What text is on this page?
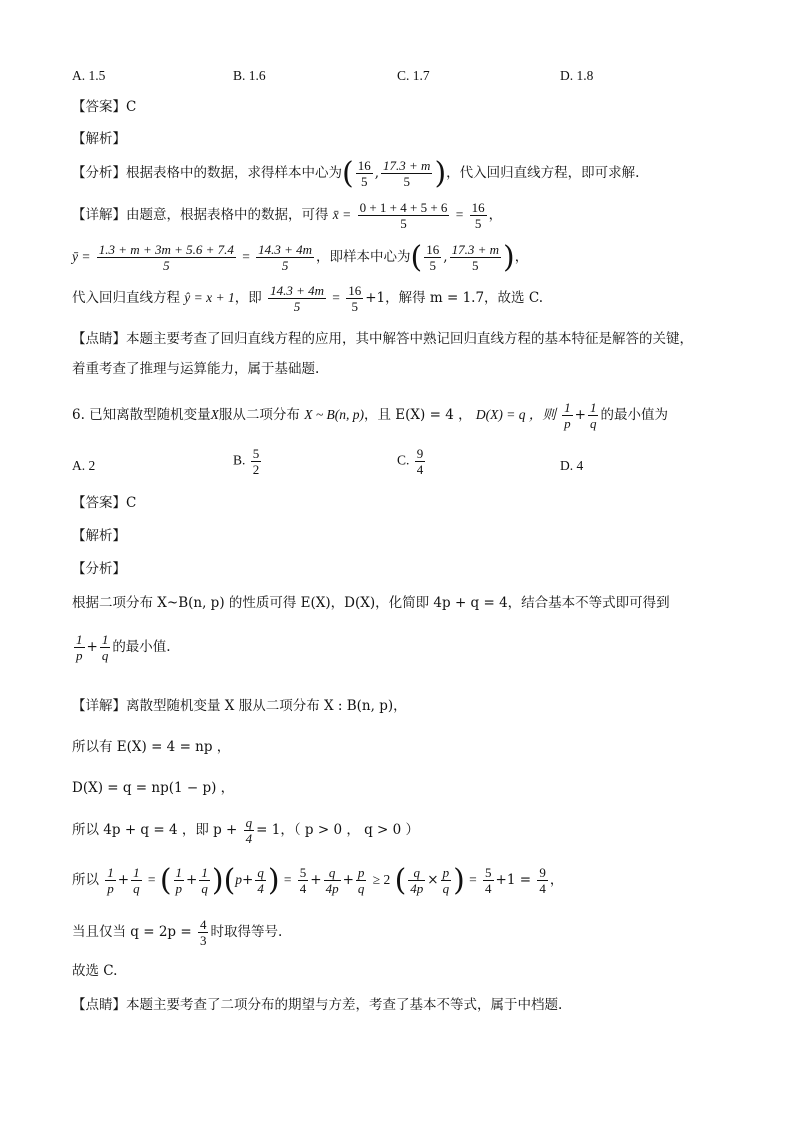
A. 1.5	B. 1.6	C. 1.7	D. 1.8
【答案】C
【解析】
【分析】根据表格中的数据，求得样本中心为( $\frac{16}{5}$ , $\frac{17.3 + m}{5}$ )，代入回归直线方程，即可求解.
【详解】由题意，根据表格中的数据，可得 x̄ = $\frac{0 + 1 + 4 + 5 + 6}{5} = \frac{16}{5}$ ，
ȳ = $\frac{1.3 + m + 3m + 5.6 + 7.4}{5} = \frac{14.3 + 4m}{5}$ ，即样本中心为( $\frac{16}{5}$ , $\frac{17.3 + m}{5}$ )，
代入回归直线方程 ŷ = x + 1，即 $\frac{14.3 + 4m}{5} = \frac{16}{5} +1$，解得 m = 1.7，故选 C.
【点睛】本题主要考查了回归直线方程的应用，其中解答中熟记回归直线方程的基本特征是解答的关键，
着重考查了推理与运算能力，属于基础题.
6. 已知离散型随机变量X服从二项分布 X ~ B(n, p)，且 E(X) = 4 ， D(X) = q ，则 $\frac{1}{p} + \frac{1}{q}$ 的最小值为
A. 2	B. $\frac{5}{2}$	C. $\frac{9}{4}$	D. 4
【答案】C
【解析】
【分析】
根据二项分布 X~B(n, p) 的性质可得 E(X)，D(X)，化简即 4p + q = 4，结合基本不等式即可得到
$\frac{1}{p} + \frac{1}{q}$ 的最小值.
【详解】离散型随机变量 X 服从二项分布 X : B(n, p)，
所以有 E(X) = 4 = np ，
D(X) = q = np(1 − p) ，
所以 4p + q = 4 ，即 $p + \frac{q}{4} = 1$，（ p > 0 ， q > 0 ）
所以 $\frac{1}{p} + \frac{1}{q}$ = ( $\frac{1}{p} + \frac{1}{q} )(p+ \frac{q}{4}$ ) = $\frac{5}{4} + \frac{q}{4p} + \frac{p}{q} \ge 2$ ( $\frac{q}{4p} \times \frac{p}{q}$ ) = $\frac{5}{4} +1 = \frac{9}{4}$ ，
当且仅当 $q = 2p = \frac{4}{3}$ 时取得等号.
故选 C.
【点睛】本题主要考查了二项分布的期望与方差，考查了基本不等式，属于中档题.
